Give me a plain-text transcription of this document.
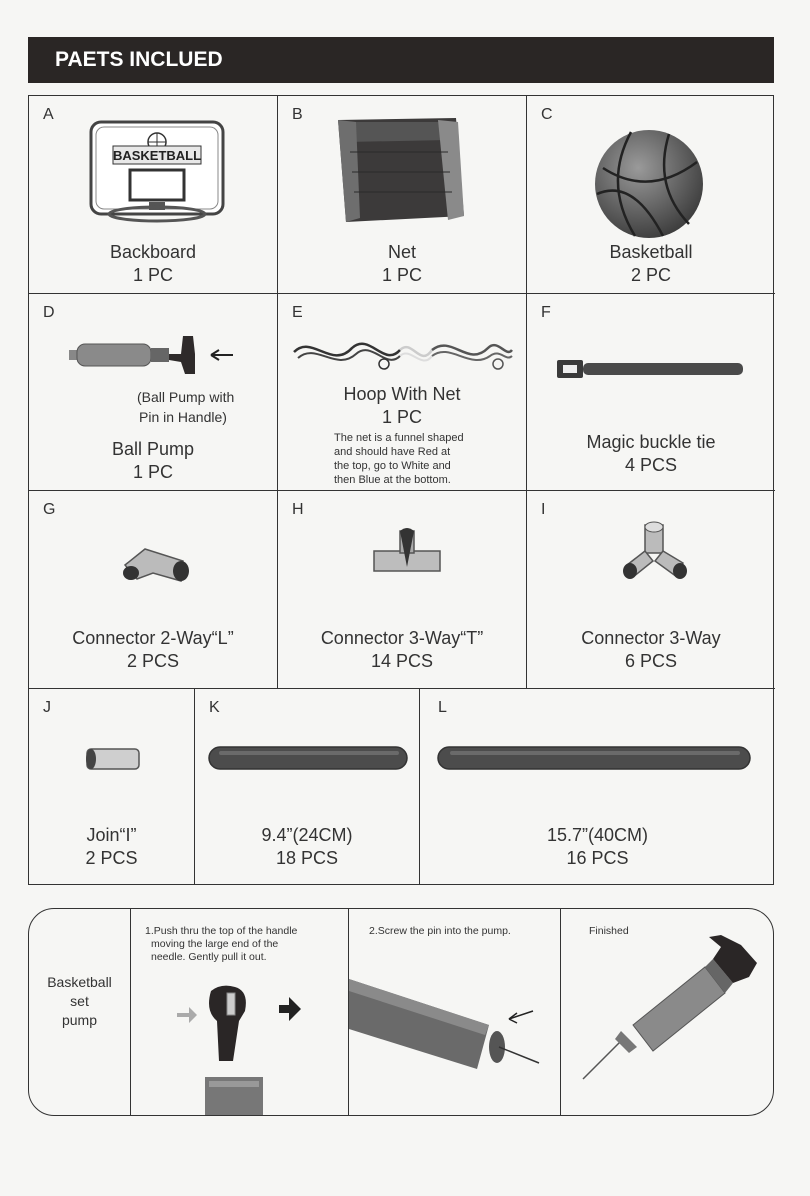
PAETS INCLUED
A
BASKETBALL
Backboard
1 PC
B
Net
1 PC
C
Basketball
2 PC
D
(Ball Pump with
Pin in Handle)
Ball Pump
1 PC
E
Hoop With Net
1 PC
The net is a funnel shaped
and should have Red at
the top, go to White and
then Blue at the bottom.
F
Magic buckle tie
4 PCS
G
Connector 2-Way“L”
2 PCS
H
Connector 3-Way“T”
14 PCS
I
Connector 3-Way
6 PCS
J
Join“I”
2 PCS
K
9.4”(24CM)
18 PCS
L
15.7”(40CM)
16 PCS
Basketball
set
pump
1.Push thru the top of the handle
moving the large end of the
needle. Gently pull it out.
2.Screw the pin into the pump.	Finished
